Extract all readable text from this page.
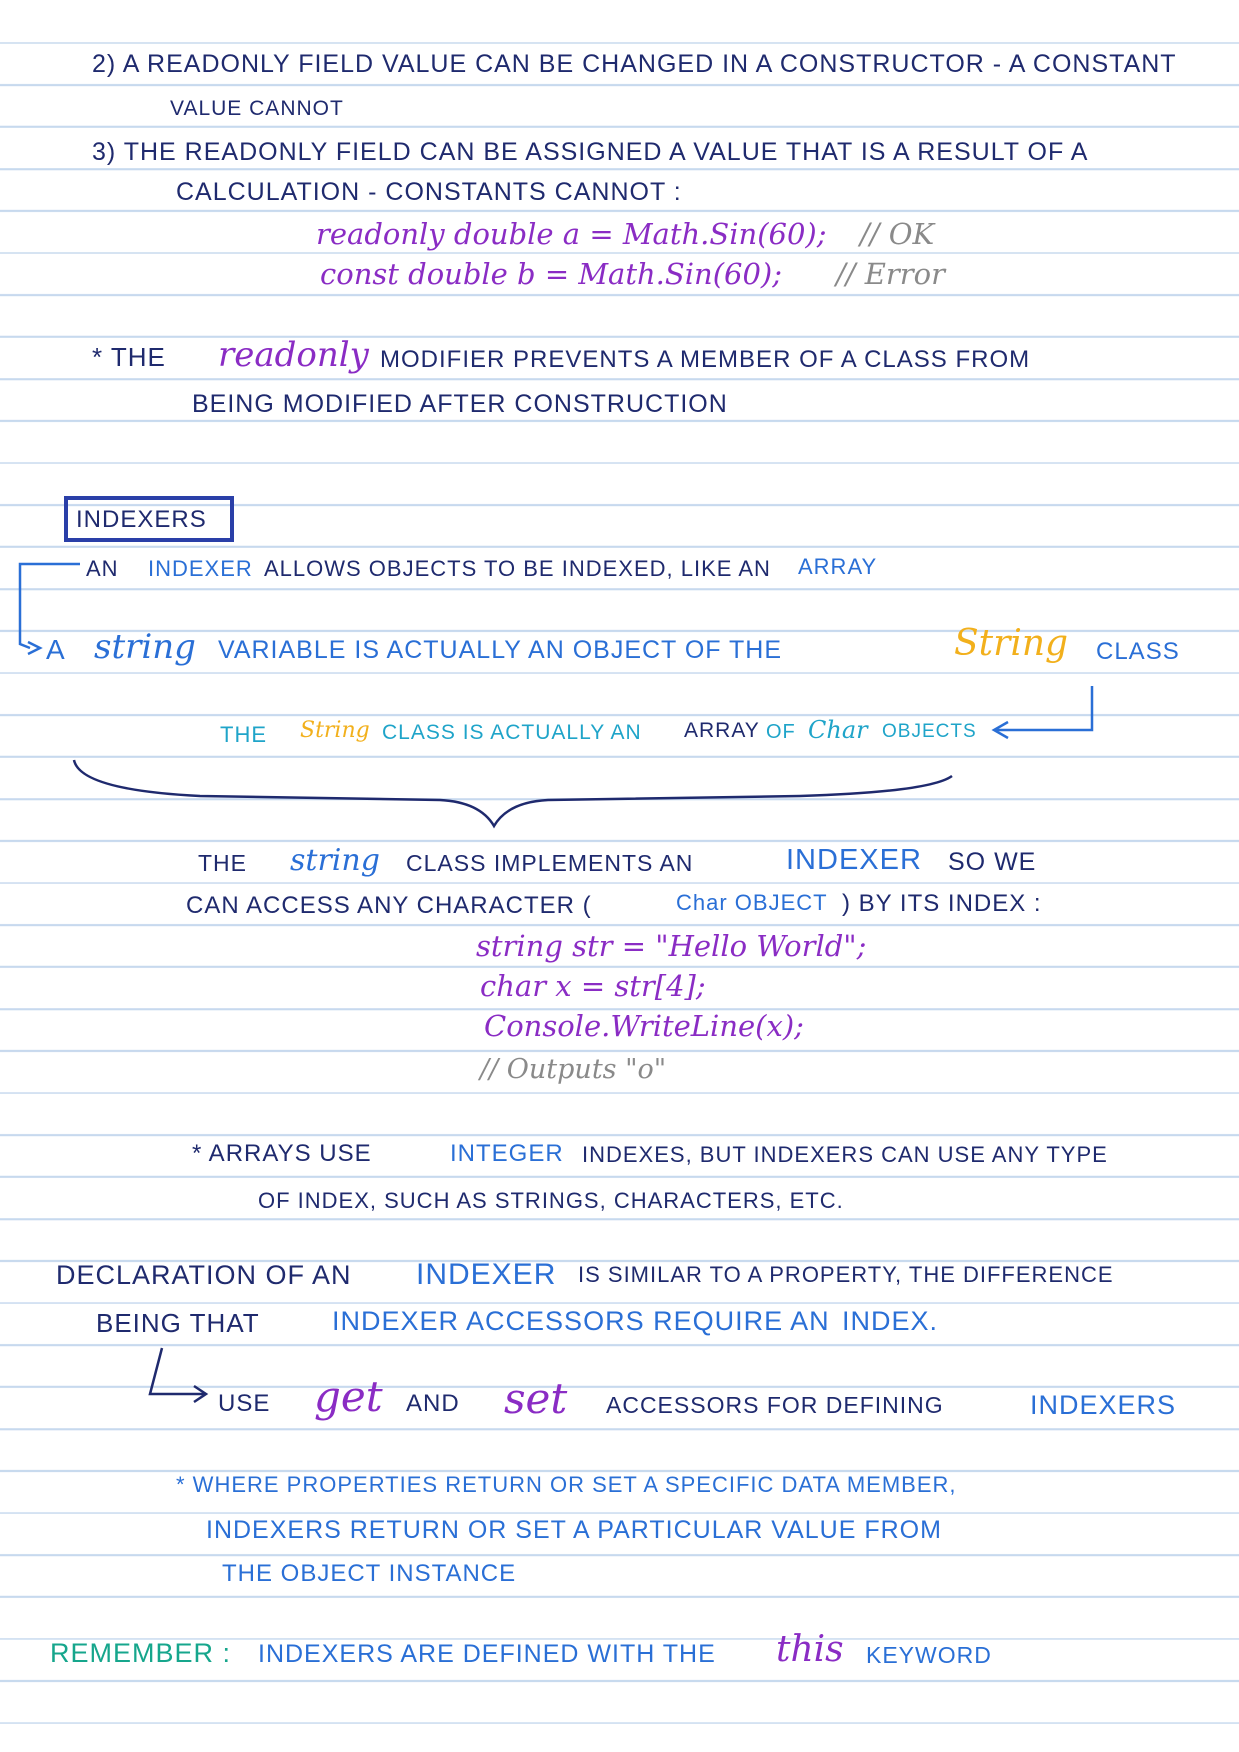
2) A READONLY FIELD VALUE CAN BE CHANGED IN A CONSTRUCTOR - A CONSTANT
VALUE CANNOT
3) THE READONLY FIELD CAN BE ASSIGNED A VALUE THAT IS A RESULT OF A
CALCULATION - CONSTANTS CANNOT :
readonly double a = Math.Sin(60); // OK
const double b = Math.Sin(60); // Error
* THE readonly MODIFIER PREVENTS A MEMBER OF A CLASS FROM
BEING MODIFIED AFTER CONSTRUCTION
INDEXERS
AN INDEXER ALLOWS OBJECTS TO BE INDEXED, LIKE AN ARRAY
A string VARIABLE IS ACTUALLY AN OBJECT OF THE	String CLASS
THE String CLASS IS ACTUALLY AN ARRAY OF Char OBJECTS
THE string CLASS IMPLEMENTS AN	INDEXER SO WE
CAN ACCESS ANY CHARACTER (	Char OBJECT ) BY ITS INDEX :
string str = "Hello World";
char x = str[4];
Console.WriteLine(x);
// Outputs "o"
* ARRAYS USE	INTEGER INDEXES, BUT INDEXERS CAN USE ANY TYPE
OF INDEX, SUCH AS STRINGS, CHARACTERS, ETC.
DECLARATION OF AN INDEXER IS SIMILAR TO A PROPERTY, THE DIFFERENCE
BEING THAT	INDEXER ACCESSORS REQUIRE AN INDEX.
USE get AND set ACCESSORS FOR DEFINING	INDEXERS
* WHERE PROPERTIES RETURN OR SET A SPECIFIC DATA MEMBER,
INDEXERS RETURN OR SET A PARTICULAR VALUE FROM
THE OBJECT INSTANCE
REMEMBER : INDEXERS ARE DEFINED WITH THE this KEYWORD
